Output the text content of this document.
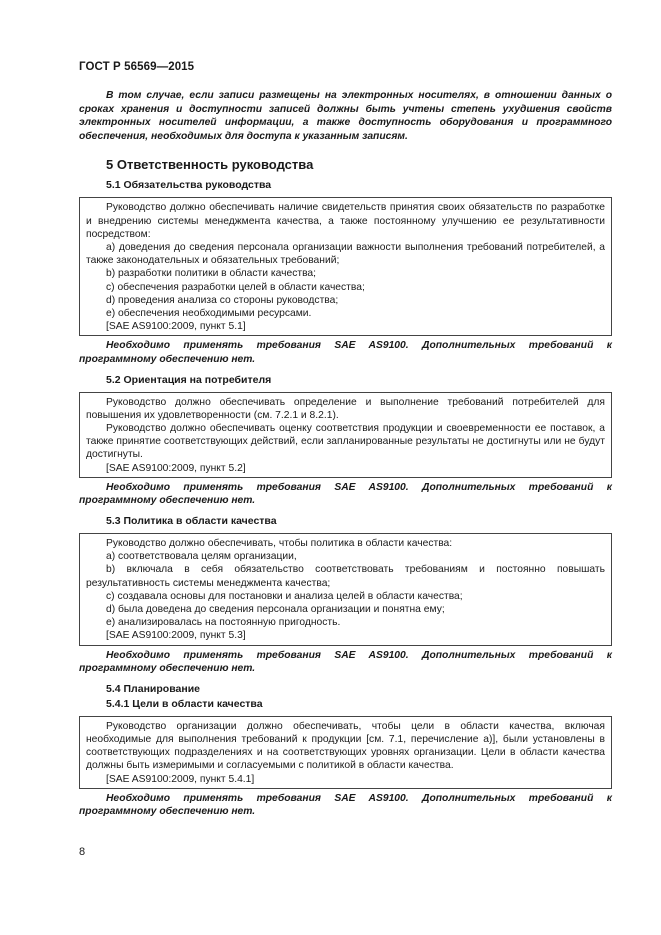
ГОСТ Р 56569—2015

В том случае, если записи размещены на электронных носителях, в отношении данных о сроках хранения и доступности записей должны быть учтены степень ухудшения свойств электронных носителей информации, а также доступность оборудования и программного обеспечения, необходимых для доступа к указанным записям.

5 Ответственность руководства
5.1 Обязательства руководства

Руководство должно обеспечивать наличие свидетельств принятия своих обязательств по разработке и внедрению системы менеджмента качества, а также постоянному улучшению ее результативности посредством:

a) доведения до сведения персонала организации важности выполнения требований потребителей, а также законодательных и обязательных требований;

b) разработки политики в области качества;

c) обеспечения разработки целей в области качества;

d) проведения анализа со стороны руководства;

e) обеспечения необходимыми ресурсами.

[SAE AS9100:2009, пункт 5.1]

Необходимо применять требования SAE AS9100. Дополнительных требований к программному обеспечению нет.

5.2 Ориентация на потребителя

Руководство должно обеспечивать определение и выполнение требований потребителей для повышения их удовлетворенности (см. 7.2.1 и 8.2.1).

Руководство должно обеспечивать оценку соответствия продукции и своевременности ее поставок, а также принятие соответствующих действий, если запланированные результаты не достигнуты или не будут достигнуты.

[SAE AS9100:2009, пункт 5.2]

Необходимо применять требования SAE AS9100. Дополнительных требований к программному обеспечению нет.

5.3 Политика в области качества

Руководство должно обеспечивать, чтобы политика в области качества:

a) соответствовала целям организации,

b) включала в себя обязательство соответствовать требованиям и постоянно повышать результативность системы менеджмента качества;

c) создавала основы для постановки и анализа целей в области качества;

d) была доведена до сведения персонала организации и понятна ему;

e) анализировалась на постоянную пригодность.

[SAE AS9100:2009, пункт 5.3]

Необходимо применять требования SAE AS9100. Дополнительных требований к программному обеспечению нет.

5.4 Планирование
5.4.1 Цели в области качества

Руководство организации должно обеспечивать, чтобы цели в области качества, включая необходимые для выполнения требований к продукции [см. 7.1, перечисление а)], были установлены в соответствующих подразделениях и на соответствующих уровнях организации. Цели в области качества должны быть измеримыми и согласуемыми с политикой в области качества.

[SAE AS9100:2009, пункт 5.4.1]

Необходимо применять требования SAE AS9100. Дополнительных требований к программному обеспечению нет.

8
